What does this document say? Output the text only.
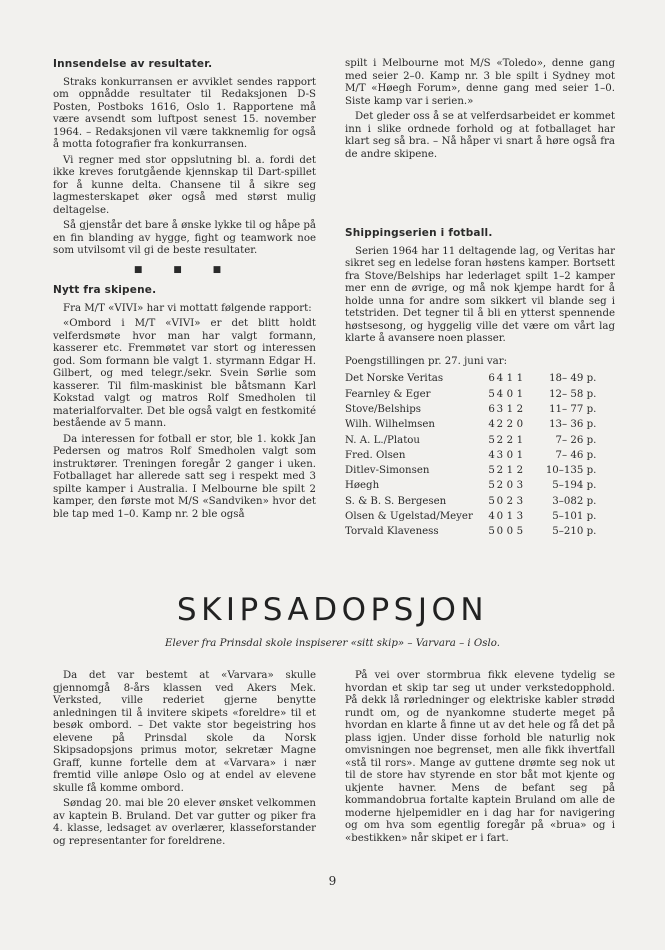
Innsendelse av resultater.

Straks konkurransen er avviklet sendes rapport om oppnådde resultater til Redaksjonen D-S Posten, Postboks 1616, Oslo 1. Rapportene må være avsendt som luftpost senest 15. november 1964. – Redaksjonen vil være takknemlig for også å motta fotografier fra konkurransen.

Vi regner med stor oppslutning bl. a. fordi det ikke kreves forutgående kjennskap til Dart-spillet for å kunne delta. Chansene til å sikre seg lagmesterskapet øker også med størst mulig deltagelse.

Så gjenstår det bare å ønske lykke til og håpe på en fin blanding av hygge, fight og teamwork noe som utvilsomt vil gi de beste resultater.

■ ■ ■
Nytt fra skipene.

Fra M/T «VIVI» har vi mottatt følgende rapport:

«Ombord i M/T «VIVI» er det blitt holdt velferdsmøte hvor man har valgt formann, kasserer etc. Fremmøtet var stort og interessen god. Som formann ble valgt 1. styrmann Edgar H. Gilbert, og med telegr./sekr. Svein Sørlie som kasserer. Til film-maskinist ble båtsmann Karl Kokstad valgt og matros Rolf Smedholen til materialforvalter. Det ble også valgt en festkomité bestående av 5 mann.

Da interessen for fotball er stor, ble 1. kokk Jan Pedersen og matros Rolf Smedholen valgt som instruktører. Treningen foregår 2 ganger i uken. Fotballaget har allerede satt seg i respekt med 3 spilte kamper i Australia. I Melbourne ble spilt 2 kamper, den første mot M/S «Sandviken» hvor det ble tap med 1–0. Kamp nr. 2 ble også

spilt i Melbourne mot M/S «Toledo», denne gang med seier 2–0. Kamp nr. 3 ble spilt i Sydney mot M/T «Høegh Forum», denne gang med seier 1–0. Siste kamp var i serien.»

Det gleder oss å se at velferdsarbeidet er kommet inn i slike ordnede forhold og at fotballaget har klart seg så bra. – Nå håper vi snart å høre også fra de andre skipene.

Shippingserien i fotball.

Serien 1964 har 11 deltagende lag, og Veritas har sikret seg en ledelse foran høstens kamper. Bortsett fra Stove/Belships har lederlaget spilt 1–2 kamper mer enn de øvrige, og må nok kjempe hardt for å holde unna for andre som sikkert vil blande seg i tetstriden. Det tegner til å bli en ytterst spennende høstsesong, og hyggelig ville det være om vårt lag klarte å avansere noen plasser.

Poengstillingen pr. 27. juni var:

Det Norske Veritas	6	4	1	1	18– 4	9 p.
Fearnley & Eger	5	4	0	1	12– 5	8 p.
Stove/Belships	6	3	1	2	11– 7	7 p.
Wilh. Wilhelmsen	4	2	2	0	13– 3	6 p.
N. A. L./Platou	5	2	2	1	7– 2	6 p.
Fred. Olsen	4	3	0	1	7– 4	6 p.
Ditlev-Simonsen	5	2	1	2	10–13	5 p.
Høegh	5	2	0	3	5–19	4 p.
S. & B. S. Bergesen	5	0	2	3	3–08	2 p.
Olsen & Ugelstad/Meyer	4	0	1	3	5–10	1 p.
Torvald Klaveness	5	0	0	5	5–21	0 p.
SKIPSADOPSJON
Elever fra Prinsdal skole inspiserer «sitt skip» – Varvara – i Oslo.

Da det var bestemt at «Varvara» skulle gjennomgå 8-års klassen ved Akers Mek. Verksted, ville rederiet gjerne benytte anledningen til å invitere skipets «foreldre» til et besøk ombord. – Det vakte stor begeistring hos elevene på Prinsdal skole da Norsk Skipsadopsjons primus motor, sekretær Magne Graff, kunne fortelle dem at «Varvara» i nær fremtid ville anløpe Oslo og at endel av elevene skulle få komme ombord.

Søndag 20. mai ble 20 elever ønsket velkommen av kaptein B. Bruland. Det var gutter og piker fra 4. klasse, ledsaget av overlærer, klasseforstander og representanter for foreldrene.

På vei over stormbrua fikk elevene tydelig se hvordan et skip tar seg ut under verkstedopphold. På dekk lå rørledninger og elektriske kabler strødd rundt om, og de nyankomne studerte meget på hvordan en klarte å finne ut av det hele og få det på plass igjen. Under disse forhold ble naturlig nok omvisningen noe begrenset, men alle fikk ihvertfall «stå til rors». Mange av guttene drømte seg nok ut til de store hav styrende en stor båt mot kjente og ukjente havner. Mens de befant seg på kommandobrua fortalte kaptein Bruland om alle de moderne hjelpemidler en i dag har for navigering og om hva som egentlig foregår på «brua» og i «bestikken» når skipet er i fart.

9
